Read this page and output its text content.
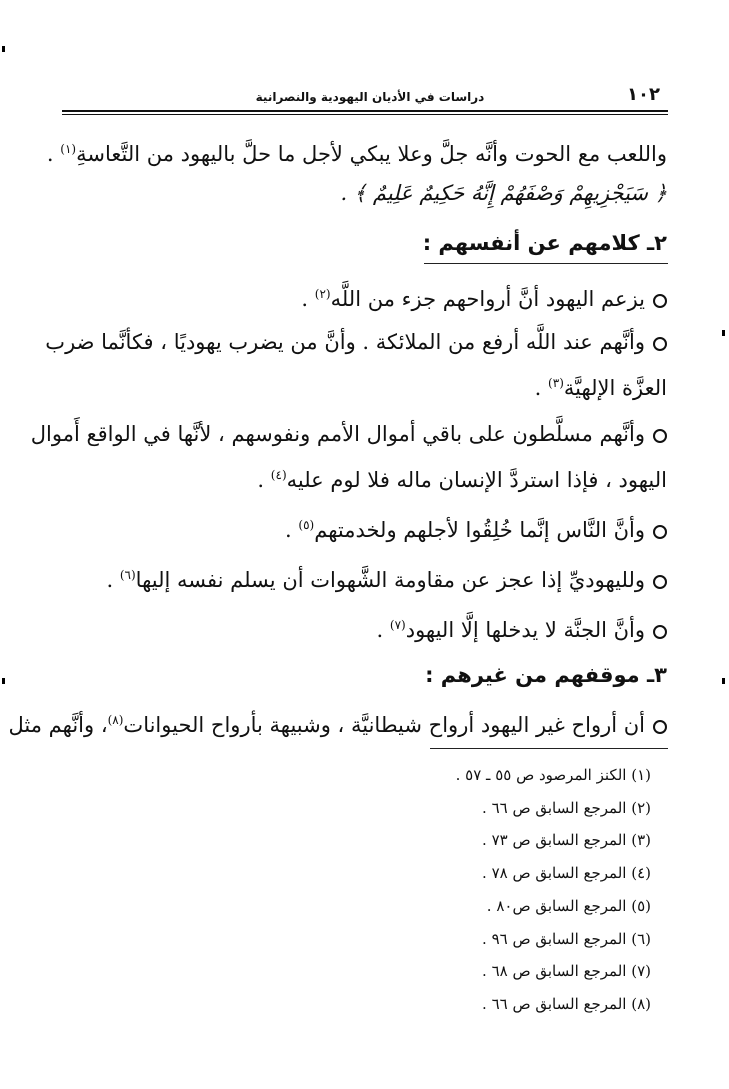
١٠٢
دراسات في الأديان اليهودية والنصرانية
واللعب مع الحوت وأنَّه جلَّ وعلا يبكي لأجل ما حلَّ باليهود من التَّعاسةِ$^{(١)}$ .
﴿ سَيَجْزِيهِمْ وَصْفَهُمْ إِنَّهُ حَكِيمٌ عَلِيمٌ ﴾ .
٢ـ كلامهم عن أنفسهم :
يزعم اليهود أنَّ أرواحهم جزء من اللَّه$^{(٢)}$ .
وأنَّهم عند اللَّه أرفع من الملائكة . وأنَّ من يضرب يهوديًا ، فكأنَّما ضرب
العزَّة الإلهيَّة$^{(٣)}$ .
وأنَّهم مسلَّطون على باقي أموال الأمم ونفوسهم ، لأنَّها في الواقع أَموال
اليهود ، فإذا استردَّ الإنسان ماله فلا لوم عليه$^{(٤)}$ .
وأنَّ النَّاس إنَّما خُلِقُوا لأجلهم ولخدمتهم$^{(٥)}$ .
ولليهوديِّ إذا عجز عن مقاومة الشَّهوات أن يسلم نفسه إليها$^{(٦)}$ .
وأنَّ الجنَّة لا يدخلها إلَّا اليهود$^{(٧)}$ .
٣ـ موقفهم من غيرهم :
أن أرواح غير اليهود أرواح شيطانيَّة ، وشبيهة بأرواح الحيوانات$^{(٨)}$، وأنَّهم مثل
(١) الكنز المرصود ص ٥٥ ـ ٥٧ .
(٢) المرجع السابق ص ٦٦ .
(٣) المرجع السابق ص ٧٣ .
(٤) المرجع السابق ص ٧٨ .
(٥) المرجع السابق ص٨٠ .
(٦) المرجع السابق ص ٩٦ .
(٧) المرجع السابق ص ٦٨ .
(٨) المرجع السابق ص ٦٦ .
